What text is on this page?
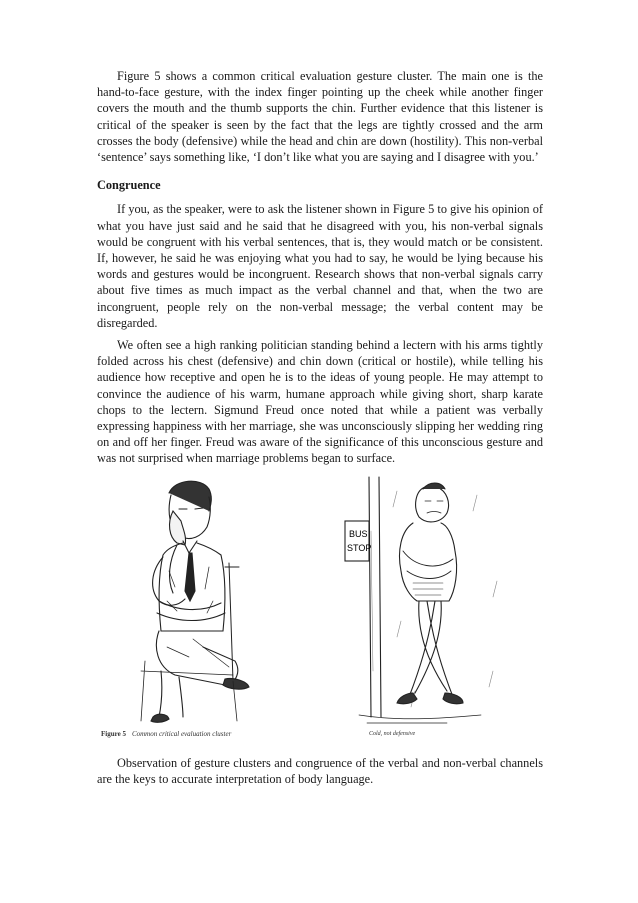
Figure 5 shows a common critical evaluation gesture cluster. The main one is the hand-to-face gesture, with the index finger pointing up the cheek while another finger covers the mouth and the thumb supports the chin. Further evidence that this listener is critical of the speaker is seen by the fact that the legs are tightly crossed and the arm crosses the body (defensive) while the head and chin are down (hostility). This non-verbal ‘sentence’ says something like, ‘I don’t like what you are saying and I disagree with you.’

Congruence

If you, as the speaker, were to ask the listener shown in Figure 5 to give his opinion of what you have just said and he said that he disagreed with you, his non-verbal signals would be congruent with his verbal sentences, that is, they would match or be consistent. If, however, he said he was enjoying what you had to say, he would be lying because his words and gestures would be incongruent. Research shows that non-verbal signals carry about five times as much impact as the verbal channel and that, when the two are incongruent, people rely on the non-verbal message; the verbal content may be disregarded.

We often see a high ranking politician standing behind a lectern with his arms tightly folded across his chest (defensive) and chin down (critical or hostile), while telling his audience how receptive and open he is to the ideas of young people. He may attempt to convince the audience of his warm, humane approach while giving short, sharp karate chops to the lectern. Sigmund Freud once noted that while a patient was verbally expressing happiness with her marriage, she was unconsciously slipping her wedding ring on and off her finger. Freud was aware of the significance of this unconscious gesture and was not surprised when marriage problems began to surface.

BUS
STOP
Figure 5 Common critical evaluation cluster	Cold, not defensive

Observation of gesture clusters and congruence of the verbal and non-verbal channels are the keys to accurate interpretation of body language.
